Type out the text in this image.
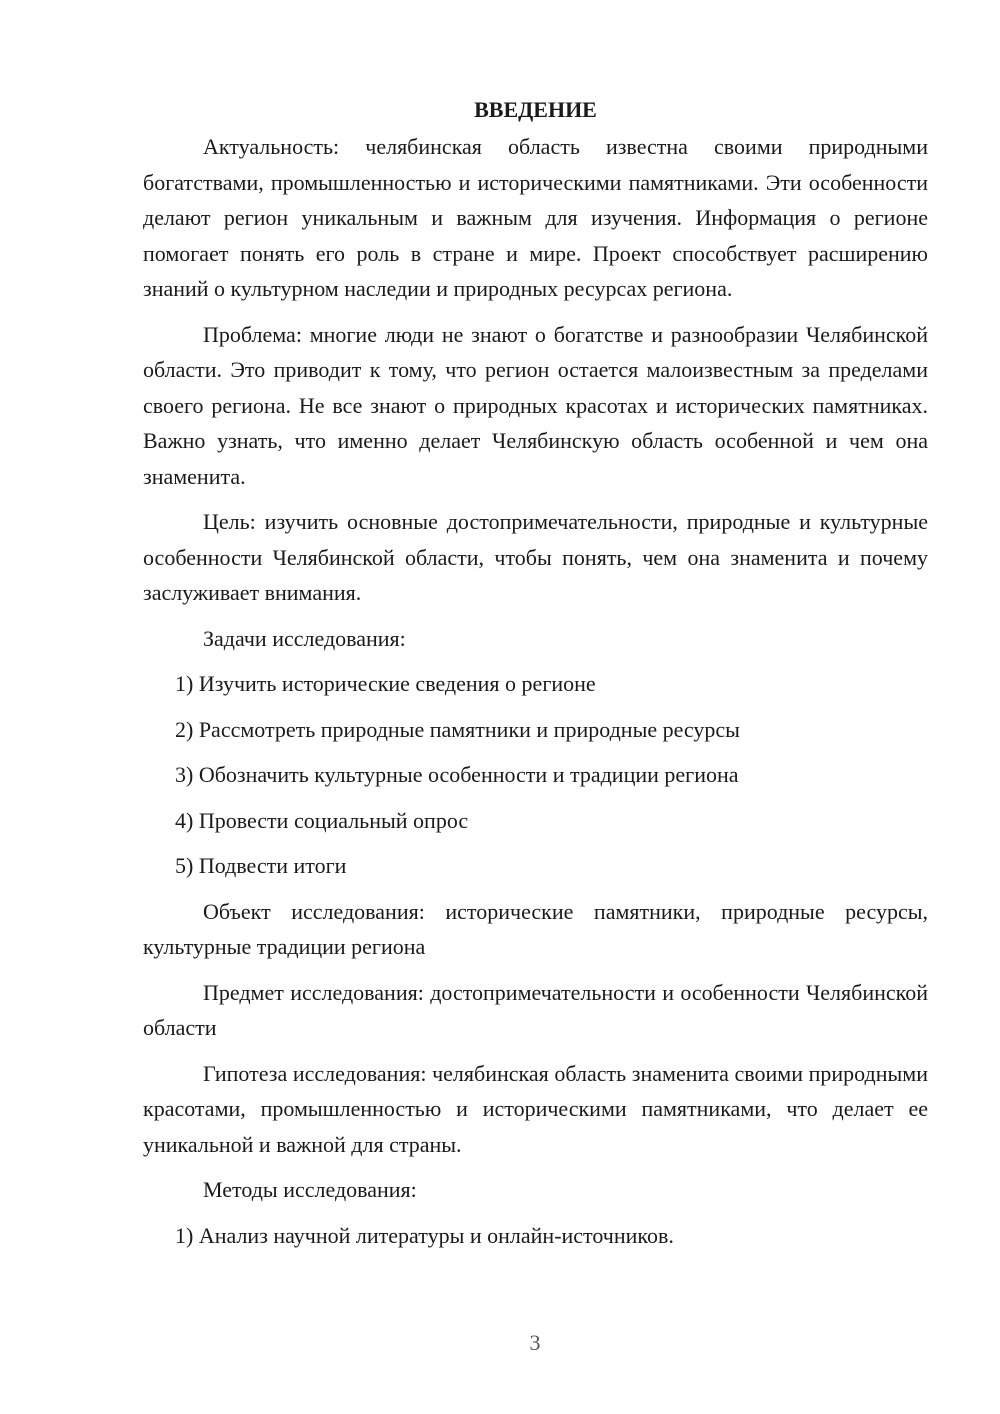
ВВЕДЕНИЕ

Актуальность: челябинская область известна своими природными богатствами, промышленностью и историческими памятниками. Эти особенности делают регион уникальным и важным для изучения. Информация о регионе помогает понять его роль в стране и мире. Проект способствует расширению знаний о культурном наследии и природных ресурсах региона.

Проблема: многие люди не знают о богатстве и разнообразии Челябинской области. Это приводит к тому, что регион остается малоизвестным за пределами своего региона. Не все знают о природных красотах и исторических памятниках. Важно узнать, что именно делает Челябинскую область особенной и чем она знаменита.

Цель: изучить основные достопримечательности, природные и культурные особенности Челябинской области, чтобы понять, чем она знаменита и почему заслуживает внимания.

Задачи исследования:
1) Изучить исторические сведения о регионе
2) Рассмотреть природные памятники и природные ресурсы
3) Обозначить культурные особенности и традиции региона
4) Провести социальный опрос
5) Подвести итоги

Объект исследования: исторические памятники, природные ресурсы, культурные традиции региона

Предмет исследования: достопримечательности и особенности Челябинской области

Гипотеза исследования: челябинская область знаменита своими природными красотами, промышленностью и историческими памятниками, что делает ее уникальной и важной для страны.

Методы исследования:
1) Анализ научной литературы и онлайн-источников.
3
